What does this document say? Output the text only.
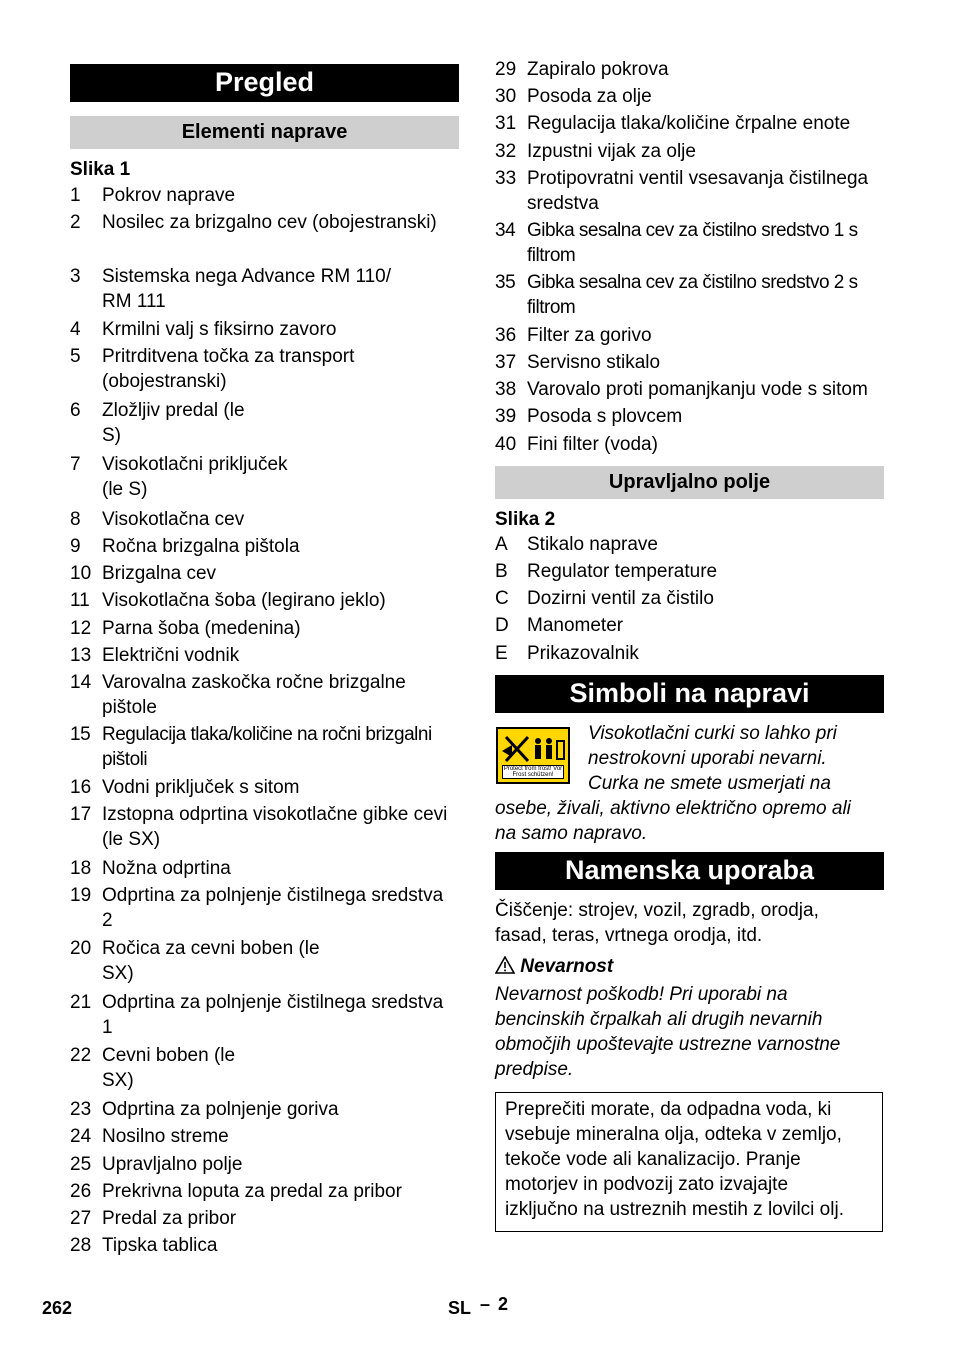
Pregled
Elementi naprave
Slika 1
1 Pokrov naprave
2 Nosilec za brizgalno cev (obojestranski)
3 Sistemska nega Advance RM 110/ RM 111
4 Krmilni valj s fiksirno zavoro
5 Pritrditvena točka za transport (obojestranski)
6 Zložljiv predal (le S)
7 Visokotlačni priključek (le S)
8 Visokotlačna cev
9 Ročna brizgalna pištola
10 Brizgalna cev
11 Visokotlačna šoba (legirano jeklo)
12 Parna šoba (medenina)
13 Električni vodnik
14 Varovalna zaskočka ročne brizgalne pištole
15 Regulacija tlaka/količine na ročni brizgalni pištoli
16 Vodni priključek s sitom
17 Izstopna odprtina visokotlačne gibke cevi (le SX)
18 Nožna odprtina
19 Odprtina za polnjenje čistilnega sredstva 2
20 Ročica za cevni boben (le SX)
21 Odprtina za polnjenje čistilnega sredstva 1
22 Cevni boben (le SX)
23 Odprtina za polnjenje goriva
24 Nosilno streme
25 Upravljalno polje
26 Prekrivna loputa za predal za pribor
27 Predal za pribor
28 Tipska tablica
29 Zapiralo pokrova
30 Posoda za olje
31 Regulacija tlaka/količine črpalne enote
32 Izpustni vijak za olje
33 Protipovratni ventil vsesavanja čistilnega sredstva
34 Gibka sesalna cev za čistilno sredstvo 1 s filtrom
35 Gibka sesalna cev za čistilno sredstvo 2 s filtrom
36 Filter za gorivo
37 Servisno stikalo
38 Varovalo proti pomanjkanju vode s sitom
39 Posoda s plovcem
40 Fini filter (voda)
Upravljalno polje
Slika 2
A Stikalo naprave
B Regulator temperature
C Dozirni ventil za čistilo
D Manometer
E Prikazovalnik
Simboli na napravi
Protect from frost! Vor Frost schützen!
Visokotlačni curki so lahko pri
nestrokovni uporabi nevarni.
Curka ne smete usmerjati na
osebe, živali, aktivno električno opremo ali
na samo napravo.
Namenska uporaba
Čiščenje: strojev, vozil, zgradb, orodja,
fasad, teras, vrtnega orodja, itd.
Nevarnost
Nevarnost poškodb! Pri uporabi na
bencinskih črpalkah ali drugih nevarnih
območjih upoštevajte ustrezne varnostne
predpise.
Preprečiti morate, da odpadna voda, ki
vsebuje mineralna olja, odteka v zemljo,
tekoče vode ali kanalizacijo. Pranje
motorjev in podvozij zato izvajajte
izključno na ustreznih mestih z lovilci olj.
262	SL – 2
